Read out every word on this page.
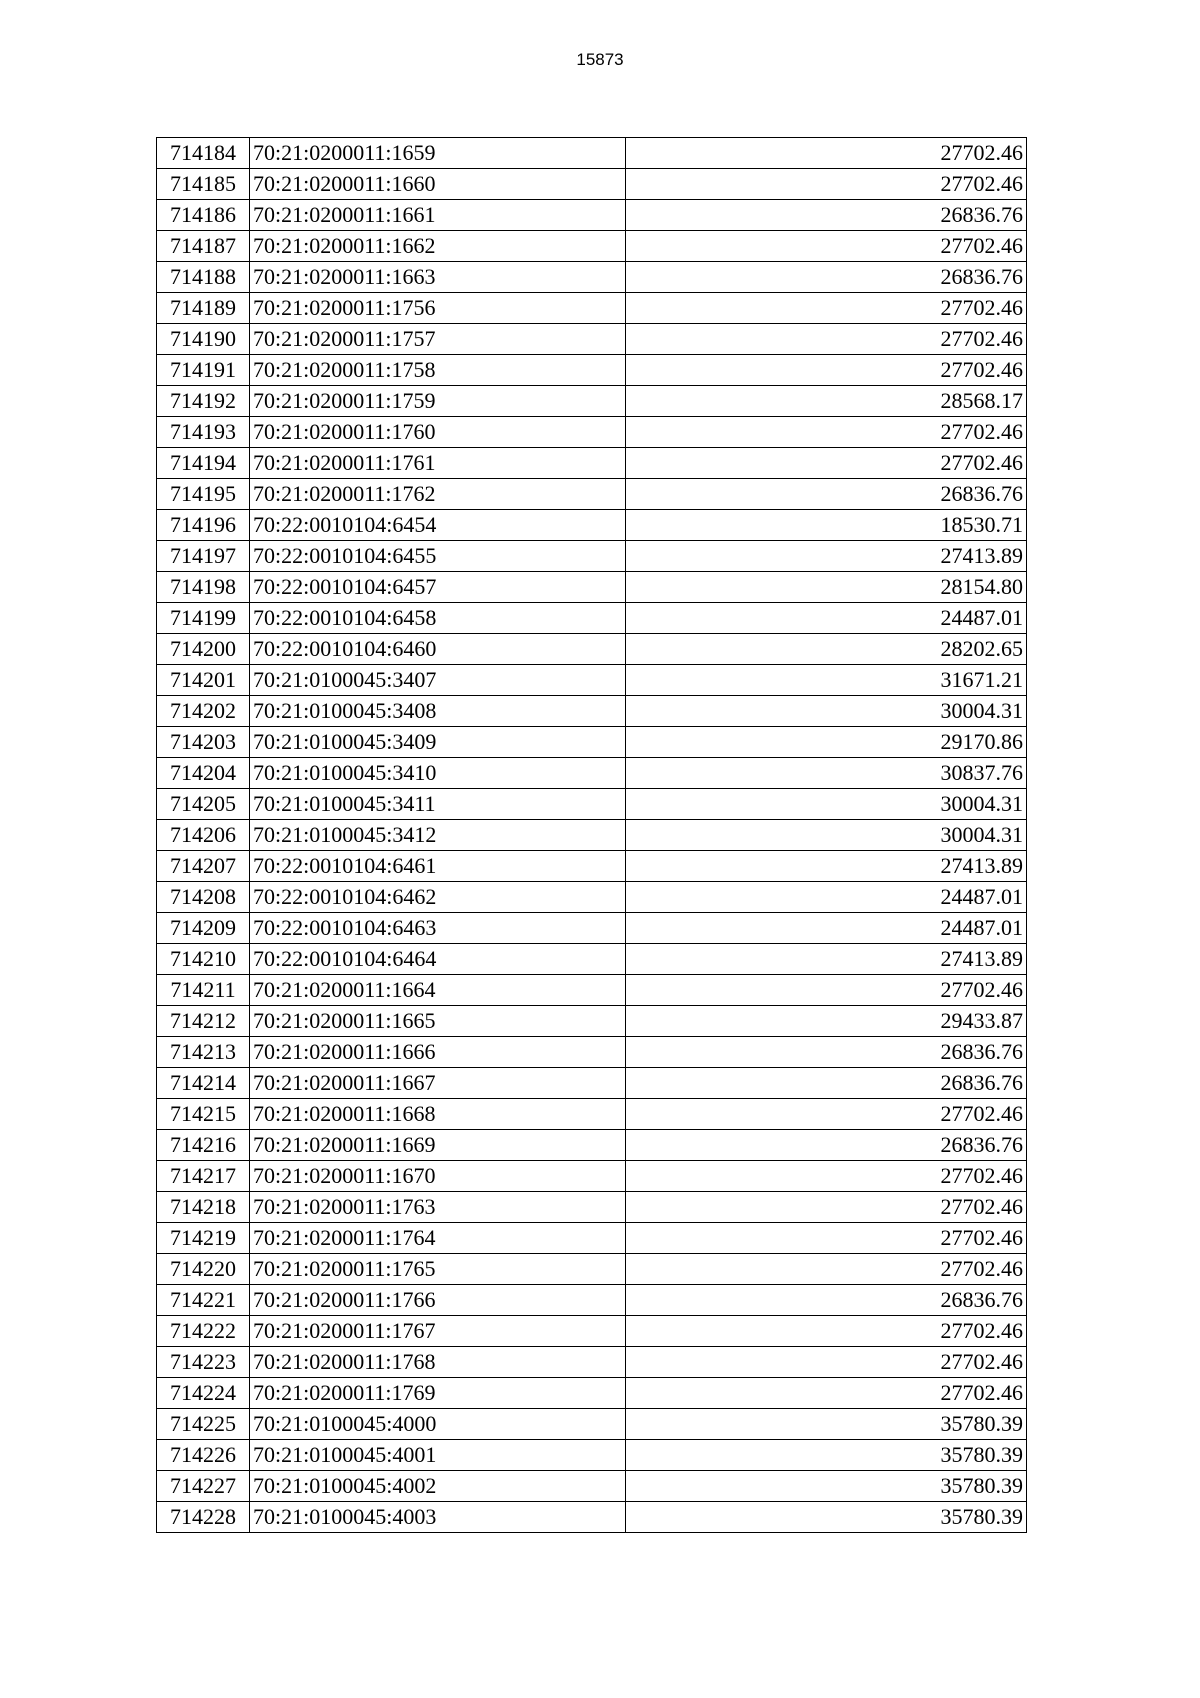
15873
714184	70:21:0200011:1659	27702.46
714185	70:21:0200011:1660	27702.46
714186	70:21:0200011:1661	26836.76
714187	70:21:0200011:1662	27702.46
714188	70:21:0200011:1663	26836.76
714189	70:21:0200011:1756	27702.46
714190	70:21:0200011:1757	27702.46
714191	70:21:0200011:1758	27702.46
714192	70:21:0200011:1759	28568.17
714193	70:21:0200011:1760	27702.46
714194	70:21:0200011:1761	27702.46
714195	70:21:0200011:1762	26836.76
714196	70:22:0010104:6454	18530.71
714197	70:22:0010104:6455	27413.89
714198	70:22:0010104:6457	28154.80
714199	70:22:0010104:6458	24487.01
714200	70:22:0010104:6460	28202.65
714201	70:21:0100045:3407	31671.21
714202	70:21:0100045:3408	30004.31
714203	70:21:0100045:3409	29170.86
714204	70:21:0100045:3410	30837.76
714205	70:21:0100045:3411	30004.31
714206	70:21:0100045:3412	30004.31
714207	70:22:0010104:6461	27413.89
714208	70:22:0010104:6462	24487.01
714209	70:22:0010104:6463	24487.01
714210	70:22:0010104:6464	27413.89
714211	70:21:0200011:1664	27702.46
714212	70:21:0200011:1665	29433.87
714213	70:21:0200011:1666	26836.76
714214	70:21:0200011:1667	26836.76
714215	70:21:0200011:1668	27702.46
714216	70:21:0200011:1669	26836.76
714217	70:21:0200011:1670	27702.46
714218	70:21:0200011:1763	27702.46
714219	70:21:0200011:1764	27702.46
714220	70:21:0200011:1765	27702.46
714221	70:21:0200011:1766	26836.76
714222	70:21:0200011:1767	27702.46
714223	70:21:0200011:1768	27702.46
714224	70:21:0200011:1769	27702.46
714225	70:21:0100045:4000	35780.39
714226	70:21:0100045:4001	35780.39
714227	70:21:0100045:4002	35780.39
714228	70:21:0100045:4003	35780.39
